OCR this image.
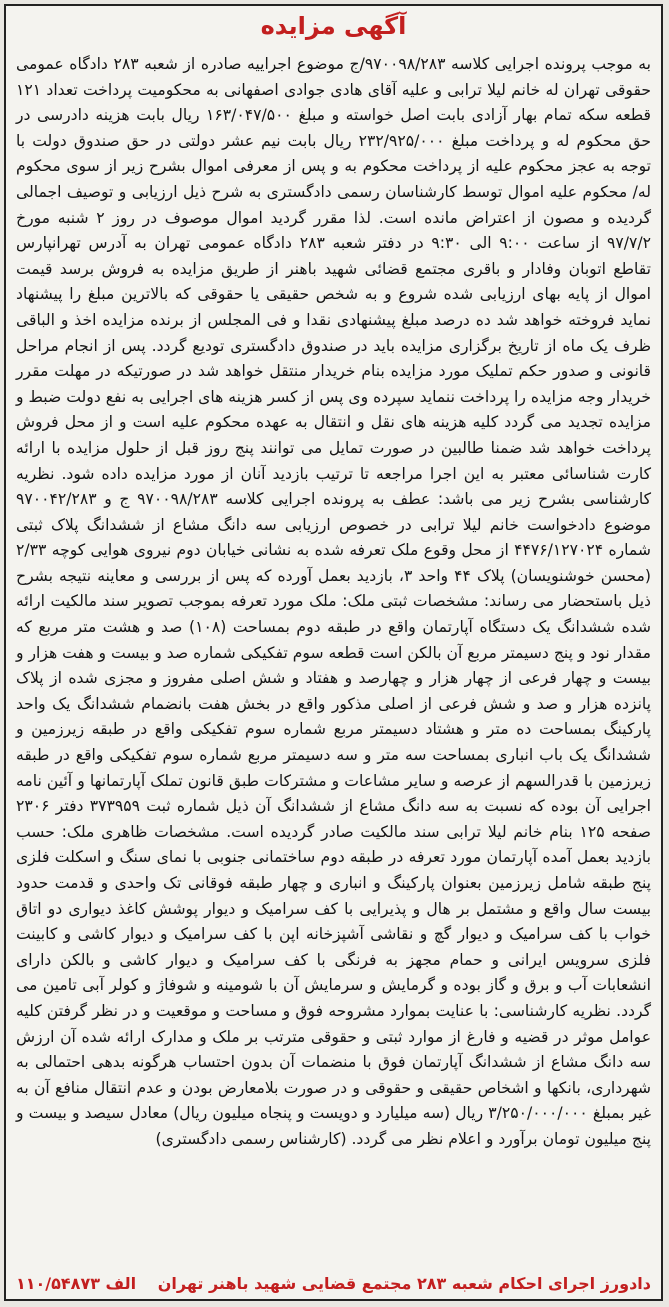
آگهی مزایده

به موجب پرونده اجرایی کلاسه ۹۷۰۰۹۸/۲۸۳/ج موضوع اجراییه صادره از شعبه ۲۸۳ دادگاه عمومی حقوقی تهران له خانم لیلا ترابی و علیه آقای هادی جوادی اصفهانی به محکومیت پرداخت تعداد ۱۲۱ قطعه سکه تمام بهار آزادی بابت اصل خواسته و مبلغ ۱۶۳/۰۴۷/۵۰۰ ریال بابت هزینه دادرسی در حق محکوم له و پرداخت مبلغ ۲۳۲/۹۲۵/۰۰۰ ریال بابت نیم عشر دولتی در حق صندوق دولت با توجه به عجز محکوم علیه از پرداخت محکوم به و پس از معرفی اموال بشرح زیر از سوی محکوم له/ محکوم علیه اموال توسط کارشناسان رسمی دادگستری به شرح ذیل ارزیابی و توصیف اجمالی گردیده و مصون از اعتراض مانده است. لذا مقرر گردید اموال موصوف در روز ۲ شنبه مورخ ۹۷/۷/۲ از ساعت ۹:۰۰ الی ۹:۳۰ در دفتر شعبه ۲۸۳ دادگاه عمومی تهران به آدرس تهرانپارس تقاطع اتوبان وفادار و باقری مجتمع قضائی شهید باهنر از طریق مزایده به فروش برسد قیمت اموال از پایه بهای ارزیابی شده شروع و به شخص حقیقی یا حقوقی که بالاترین مبلغ را پیشنهاد نماید فروخته خواهد شد ده درصد مبلغ پیشنهادی نقدا و فی المجلس از برنده مزایده اخذ و الباقی ظرف یک ماه از تاریخ برگزاری مزایده باید در صندوق دادگستری تودیع گردد. پس از انجام مراحل قانونی و صدور حکم تملیک مورد مزایده بنام خریدار منتقل خواهد شد در صورتیکه در مهلت مقرر خریدار وجه مزایده را پرداخت ننماید سپرده وی پس از کسر هزینه های اجرایی به نفع دولت ضبط و مزایده تجدید می گردد کلیه هزینه های نقل و انتقال به عهده محکوم علیه است و از محل فروش پرداخت خواهد شد ضمنا طالبین در صورت تمایل می توانند پنج روز قبل از حلول مزایده با ارائه کارت شناسائی معتبر به این اجرا مراجعه تا ترتیب بازدید آنان از مورد مزایده داده شود. نظریه کارشناسی بشرح زیر می باشد: عطف به پرونده اجرایی کلاسه ۹۷۰۰۹۸/۲۸۳ ج و ۹۷۰۰۴۲/۲۸۳ موضوع دادخواست خانم لیلا ترابی در خصوص ارزیابی سه دانگ مشاع از ششدانگ پلاک ثبتی شماره ۴۴۷۶/۱۲۷۰۲۴ از محل وقوع ملک تعرفه شده به نشانی خیابان دوم نیروی هوایی کوچه ۲/۳۳ (محسن خوشنویسان) پلاک ۴۴ واحد ۳، بازدید بعمل آورده که پس از بررسی و معاینه نتیجه بشرح ذیل باستحضار می رساند: مشخصات ثبتی ملک: ملک مورد تعرفه بموجب تصویر سند مالکیت ارائه شده ششدانگ یک دستگاه آپارتمان واقع در طبقه دوم بمساحت (۱۰۸) صد و هشت متر مربع که مقدار نود و پنج دسیمتر مربع آن بالکن است قطعه سوم تفکیکی شماره صد و بیست و هفت هزار و بیست و چهار فرعی از چهار هزار و چهارصد و هفتاد و شش اصلی مفروز و مجزی شده از پلاک پانزده هزار و صد و شش فرعی از اصلی مذکور واقع در بخش هفت بانضمام ششدانگ یک واحد پارکینگ بمساحت ده متر و هشتاد دسیمتر مربع شماره سوم تفکیکی واقع در طبقه زیرزمین و ششدانگ یک باب انباری بمساحت سه متر و سه دسیمتر مربع شماره سوم تفکیکی واقع در طبقه زیرزمین با قدرالسهم از عرصه و سایر مشاعات و مشترکات طبق قانون تملک آپارتمانها و آئین نامه اجرایی آن بوده که نسبت به سه دانگ مشاع از ششدانگ آن ذیل شماره ثبت ۳۷۳۹۵۹ دفتر ۲۳۰۶ صفحه ۱۲۵ بنام خانم لیلا ترابی سند مالکیت صادر گردیده است. مشخصات ظاهری ملک: حسب بازدید بعمل آمده آپارتمان مورد تعرفه در طبقه دوم ساختمانی جنوبی با نمای سنگ و اسکلت فلزی پنج طبقه شامل زیرزمین بعنوان پارکینگ و انباری و چهار طبقه فوقانی تک واحدی و قدمت حدود بیست سال واقع و مشتمل بر هال و پذیرایی با کف سرامیک و دیوار پوشش کاغذ دیواری دو اتاق خواب با کف سرامیک و دیوار گچ و نقاشی آشپزخانه اپن با کف سرامیک و دیوار کاشی و کابینت فلزی سرویس ایرانی و حمام مجهز به فرنگی با کف سرامیک و دیوار کاشی و بالکن دارای انشعابات آب و برق و گاز بوده و گرمایش و سرمایش آن با شومینه و شوفاژ و کولر آبی تامین می گردد. نظریه کارشناسی: با عنایت بموارد مشروحه فوق و مساحت و موقعیت و در نظر گرفتن کلیه عوامل موثر در قضیه و فارغ از موارد ثبتی و حقوقی مترتب بر ملک و مدارک ارائه شده آن ارزش سه دانگ مشاع از ششدانگ آپارتمان فوق با منضمات آن بدون احتساب هرگونه بدهی احتمالی به شهرداری، بانکها و اشخاص حقیقی و حقوقی و در صورت بلامعارض بودن و عدم انتقال منافع آن به غیر بمبلغ ۳/۲۵۰/۰۰۰/۰۰۰ ریال (سه میلیارد و دویست و پنجاه میلیون ریال) معادل سیصد و بیست و پنج میلیون تومان برآورد و اعلام نظر می گردد. (کارشناس رسمی دادگستری)

دادورز اجرای احکام شعبه ۲۸۳ مجتمع قضایی شهید باهنر تهران
۱۱۰/۵۴۸۷۳ الف
